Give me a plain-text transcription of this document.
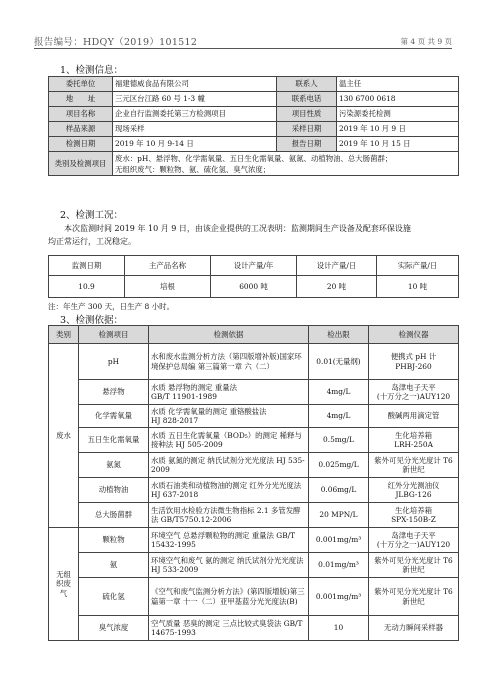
报告编号：HDQY（2019）101512	第 4 页 共 9 页
1、检测信息：
委托单位	福建德威食品有限公司	联系人	温主任
地　　址	三元区台江路 60 号 1-3 幢	联系电话	130 6700 0618
项目名称	企业自行监测委托第三方检测项目	项目性质	污染源委托检测
样品来源	现场采样	采样日期	2019 年 10 月 9 日
检测日期	2019 年 10 月 9-14 日	报告日期	2019 年 10 月 15 日
类别及检测项目	废水：pH、悬浮物、化学需氧量、五日生化需氧量、氨氮、动植物油、总大肠菌群；
无组织废气：颗粒物、氨、硫化氢、臭气浓度；		
2、检测工况：
本次监测时间 2019 年 10 月 9 日，由该企业提供的工况表明：监测期间生产设备及配套环保设施
均正常运行，工况稳定。
监测日期	主产品名称	设计产量/年	设计产量/日	实际产量/日
10.9	培根	6000 吨	20 吨	10 吨
注：年生产 300 天，日生产 8 小时。
3、检测依据：
类别	检测项目	检测依据	检出限	检测仪器
废水	pH	水和废水监测分析方法（第四版增补版)国家环境保护总局编 第三篇第一章 六（二）	0.01(无量纲)	便携式 pH 计
PHBJ-260
	悬浮物	水质 悬浮物的测定 重量法
GB/T 11901-1989	4mg/L	岛津电子天平
(十万分之一)AUY120
	化学需氧量	水质 化学需氧量的测定 重铬酸盐法
HJ 828-2017	4mg/L	酸碱两用滴定管
	五日生化需氧量	水质 五日生化需氧量（BOD₅）的测定 稀释与接种法 HJ 505-2009	0.5mg/L	生化培养箱
LRH-250A
	氨氮	水质 氨氮的测定 纳氏试剂分光光度法 HJ 535-2009	0.025mg/L	紫外可见分光光度计 T6 新世纪
	动植物油	水质石油类和动植物油的测定 红外分光光度法 HJ 637-2018	0.06mg/L	红外分光测油仪
JLBG-126
	总大肠菌群	生活饮用水检验方法微生物指标 2.1 多管发酵法 GB/T5750.12-2006	20 MPN/L	生化培养箱
SPX-150B-Z
无组
织废
气	颗粒物	环境空气 总悬浮颗粒物的测定 重量法 GB/T 15432-1995	0.001mg/m³	岛津电子天平
(十万分之一)AUY120
	氨	环境空气和废气 氨的测定 纳氏试剂分光光度法 HJ 533-2009	0.01mg/m³	紫外可见分光光度计 T6 新世纪
	硫化氢	《空气和废气监测分析方法》(第四版增版)第三篇第一章 十一（二）亚甲基蓝分光光度法(B)	0.001mg/m³	紫外可见分光光度计 T6 新世纪
	臭气浓度	空气质量 恶臭的测定 三点比较式臭袋法 GB/T 14675-1993	10	无动力瞬间采样器
